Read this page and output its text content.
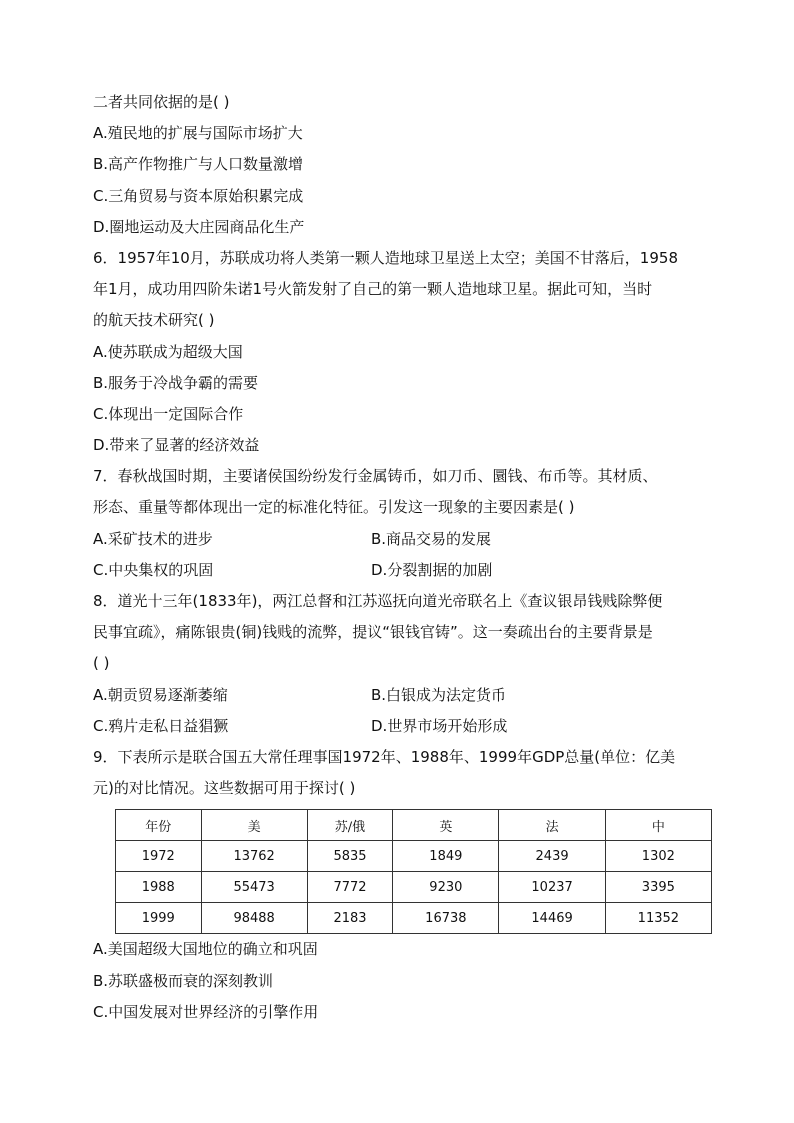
二者共同依据的是( )
A.殖民地的扩展与国际市场扩大
B.高产作物推广与人口数量激增
C.三角贸易与资本原始积累完成
D.圈地运动及大庄园商品化生产
6．1957年10月，苏联成功将人类第一颗人造地球卫星送上太空；美国不甘落后，1958
年1月，成功用四阶朱诺1号火箭发射了自己的第一颗人造地球卫星。据此可知，当时
的航天技术研究( )
A.使苏联成为超级大国
B.服务于冷战争霸的需要
C.体现出一定国际合作
D.带来了显著的经济效益
7．春秋战国时期，主要诸侯国纷纷发行金属铸币，如刀币、圜钱、布币等。其材质、
形态、重量等都体现出一定的标准化特征。引发这一现象的主要因素是( )
A.采矿技术的进步	B.商品交易的发展
C.中央集权的巩固	D.分裂割据的加剧
8．道光十三年(1833年)，两江总督和江苏巡抚向道光帝联名上《查议银昂钱贱除弊便
民事宜疏》，痛陈银贵(铜)钱贱的流弊，提议“银钱官铸”。这一奏疏出台的主要背景是
( )
A.朝贡贸易逐渐萎缩	B.白银成为法定货币
C.鸦片走私日益猖獗	D.世界市场开始形成
9．下表所示是联合国五大常任理事国1972年、1988年、1999年GDP总量(单位：亿美
元)的对比情况。这些数据可用于探讨( )
年份	美	苏/俄	英	法	中
1972	13762	5835	1849	2439	1302
1988	55473	7772	9230	10237	3395
1999	98488	2183	16738	14469	11352
A.美国超级大国地位的确立和巩固
B.苏联盛极而衰的深刻教训
C.中国发展对世界经济的引擎作用
